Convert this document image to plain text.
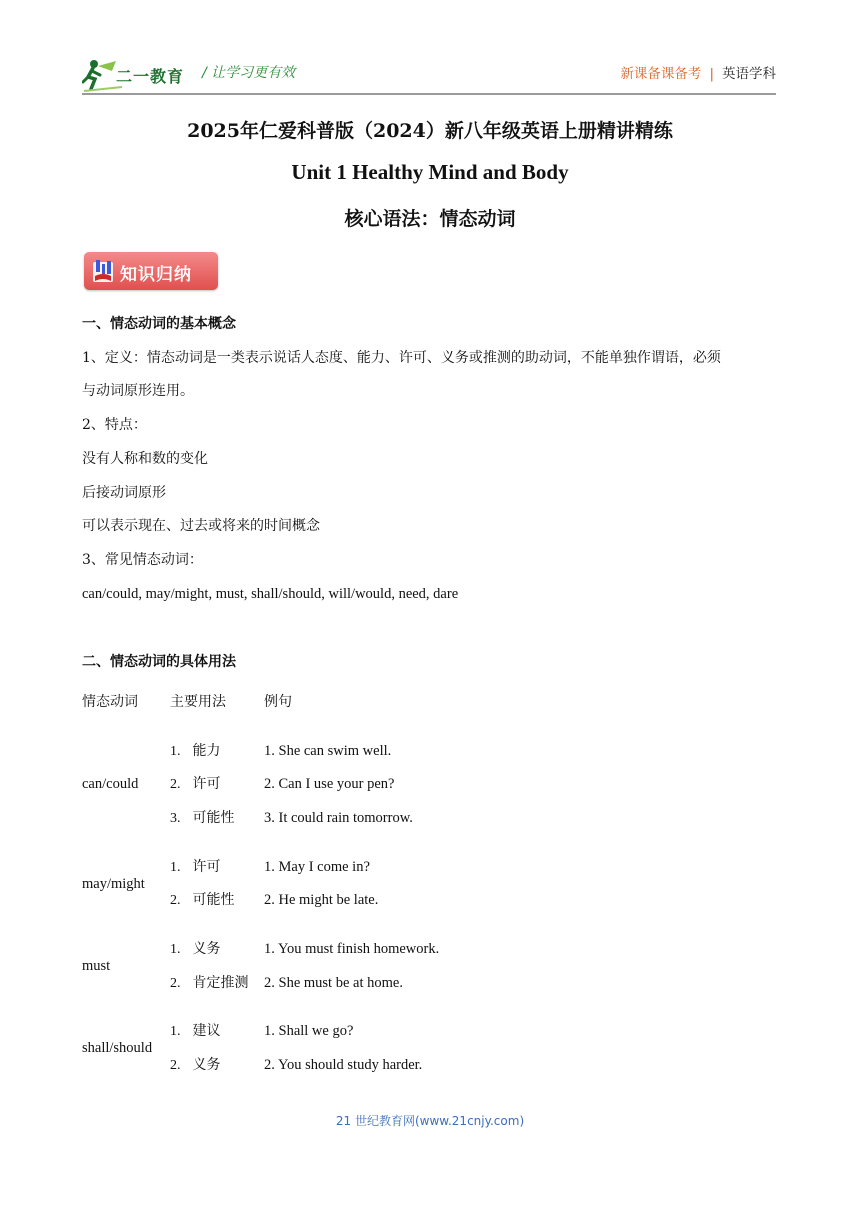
二一教育 / 让学习更有效	新课备课备考 | 英语学科
2025年仁爱科普版（2024）新八年级英语上册精讲精练
Unit 1 Healthy Mind and Body
核心语法：情态动词
知识归纳
一、情态动词的基本概念
1、定义：情态动词是一类表示说话人态度、能力、许可、义务或推测的助动词，不能单独作谓语，必须
与动词原形连用。
2、特点：
没有人称和数的变化
后接动词原形
可以表示现在、过去或将来的时间概念
3、常见情态动词：
can/could, may/might, must, shall/should, will/would, need, dare
二、情态动词的具体用法
情态动词 主要用法	例句
can/could
1. 能力
2. 许可
3. 可能性
1. She can swim well.
2. Can I use your pen?
3. It could rain tomorrow.
may/might
1. 许可
2. 可能性
1. May I come in?
2. He might be late.
must
1. 义务
2. 肯定推测
1. You must finish homework.
2. She must be at home.
shall/should
1. 建议
2. 义务
1. Shall we go?
2. You should study harder.
21 世纪教育网(www.21cnjy.com)
